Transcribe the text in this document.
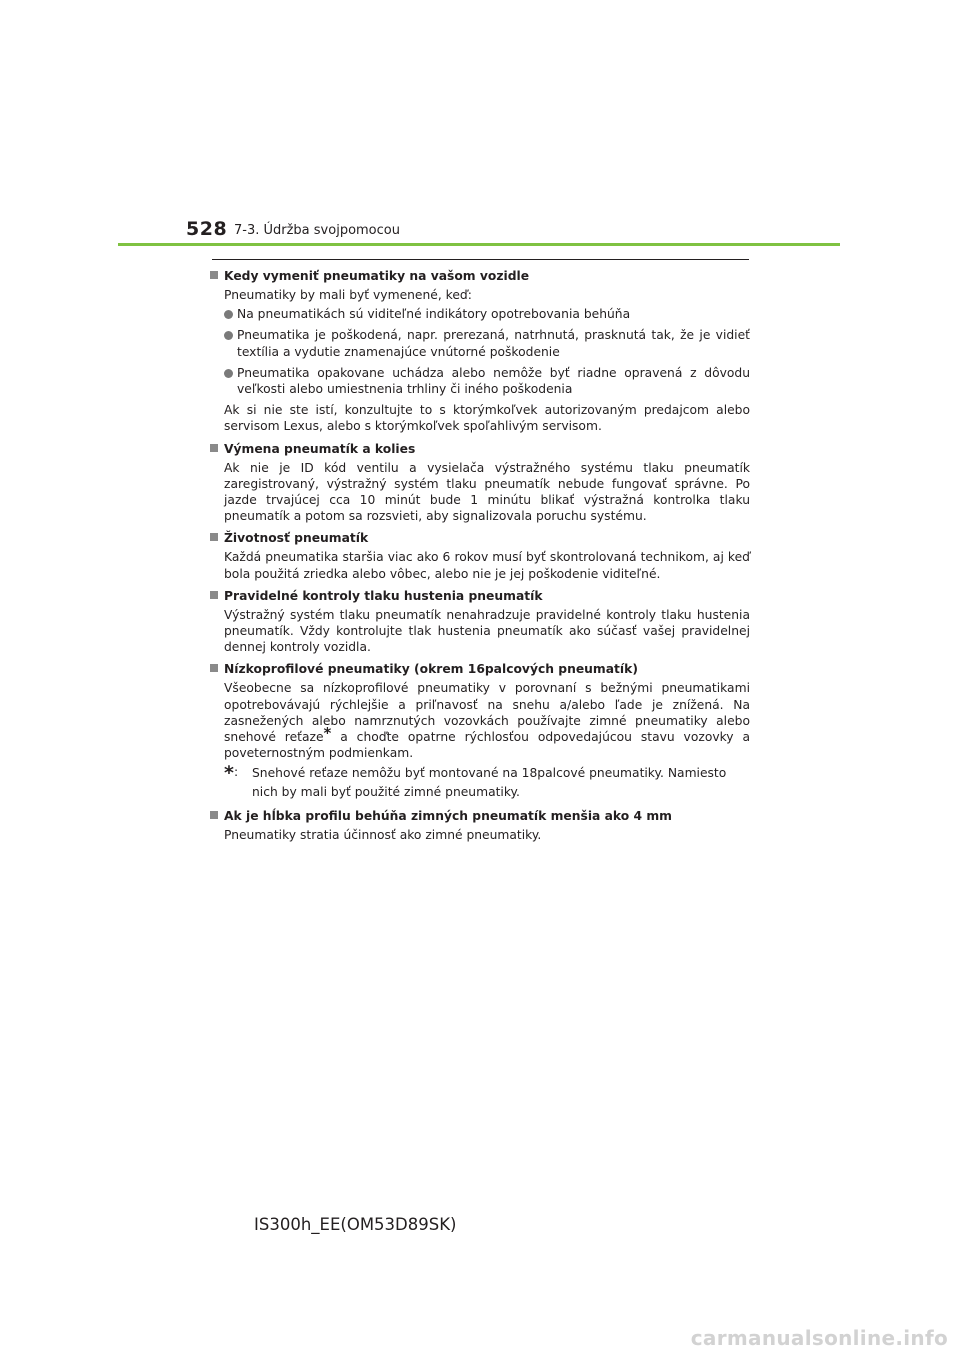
528 7-3. Údržba svojpomocou
Kedy vymeniť pneumatiky na vašom vozidle
Pneumatiky by mali byť vymenené, keď:
Na pneumatikách sú viditeľné indikátory opotrebovania behúňa
Pneumatika je poškodená, napr. prerezaná, natrhnutá, prasknutá tak, že je vidieť textília a vydutie znamenajúce vnútorné poškodenie
Pneumatika opakovane uchádza alebo nemôže byť riadne opravená z dôvodu veľkosti alebo umiestnenia trhliny či iného poškodenia
Ak si nie ste istí, konzultujte to s ktorýmkoľvek autorizovaným predajcom alebo servisom Lexus, alebo s ktorýmkoľvek spoľahlivým servisom.
Výmena pneumatík a kolies
Ak nie je ID kód ventilu a vysielača výstražného systému tlaku pneumatík zaregistrovaný, výstražný systém tlaku pneumatík nebude fungovať správne. Po jazde trvajúcej cca 10 minút bude 1 minútu blikať výstražná kontrolka tlaku pneumatík a potom sa rozsvieti, aby signalizovala poruchu systému.
Životnosť pneumatík
Každá pneumatika staršia viac ako 6 rokov musí byť skontrolovaná technikom, aj keď bola použitá zriedka alebo vôbec, alebo nie je jej poškodenie viditeľné.
Pravidelné kontroly tlaku hustenia pneumatík
Výstražný systém tlaku pneumatík nenahradzuje pravidelné kontroly tlaku hustenia pneumatík. Vždy kontrolujte tlak hustenia pneumatík ako súčasť vašej pravidelnej dennej kontroly vozidla.
Nízkoprofilové pneumatiky (okrem 16palcových pneumatík)
Všeobecne sa nízkoprofilové pneumatiky v porovnaní s bežnými pneumatikami opotrebovávajú rýchlejšie a priľnavosť na snehu a/alebo ľade je znížená. Na zasnežených alebo namrznutých vozovkách používajte zimné pneumatiky alebo snehové reťaze* a choďte opatrne rýchlosťou odpovedajúcou stavu vozovky a poveternostným podmienkam.
*: Snehové reťaze nemôžu byť montované na 18palcové pneumatiky. Namiesto nich by mali byť použité zimné pneumatiky.
Ak je hĺbka profilu behúňa zimných pneumatík menšia ako 4 mm
Pneumatiky stratia účinnosť ako zimné pneumatiky.
IS300h_EE(OM53D89SK)
carmanualsonline.info
